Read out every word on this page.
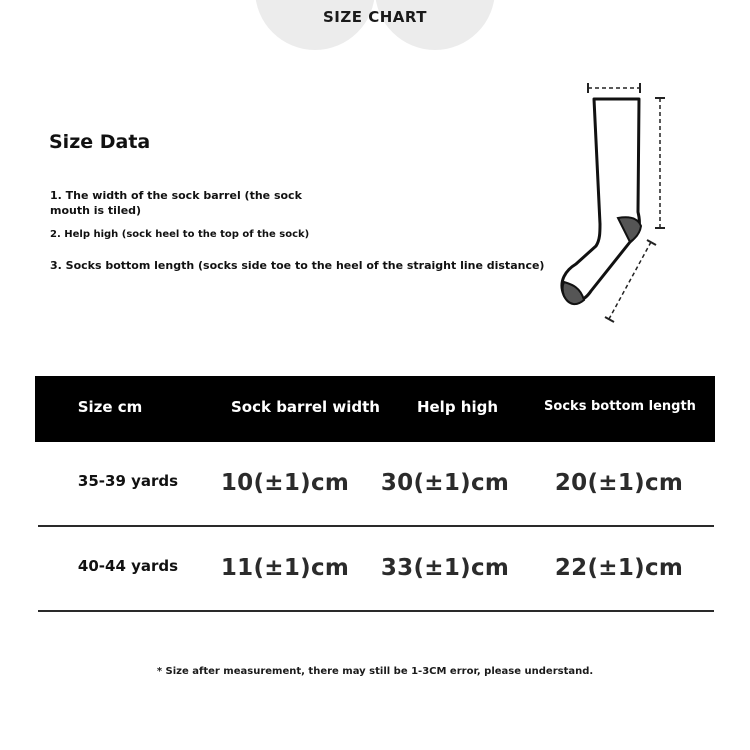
SIZE CHART
Size Data
1. The width of the sock barrel (the sock mouth is tiled)
2. Help high (sock heel to the top of the sock)
3. Socks bottom length (socks side toe to the heel of the straight line distance)
Size cm	Sock barrel width	Help high	Socks bottom length
35-39 yards	10(±1)cm	30(±1)cm	20(±1)cm
40-44 yards	11(±1)cm	33(±1)cm	22(±1)cm
* Size after measurement, there may still be 1-3CM error, please understand.
